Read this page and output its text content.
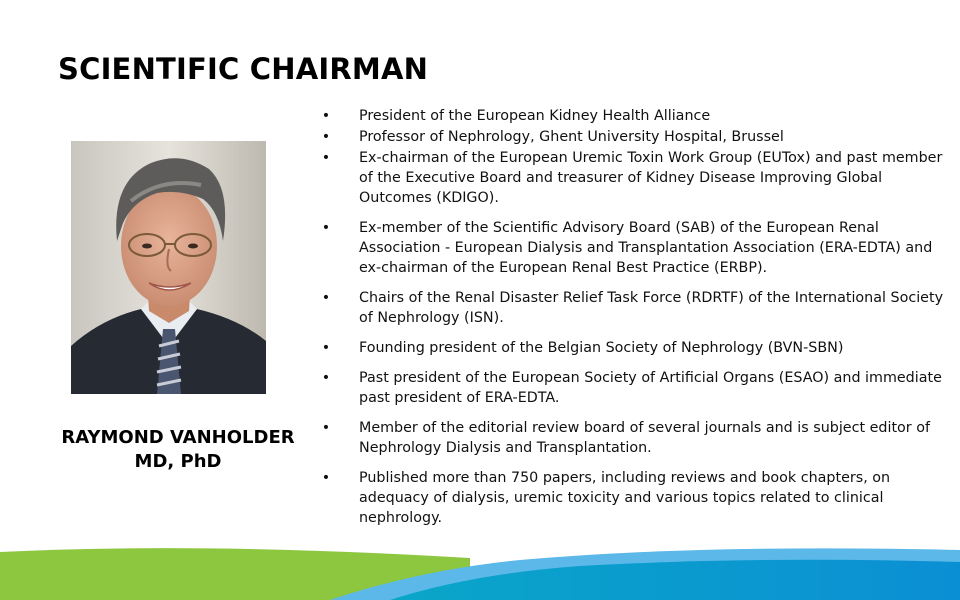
SCIENTIFIC CHAIRMAN
RAYMOND VANHOLDER
MD, PhD
• President of the European Kidney Health Alliance
• Professor of Nephrology, Ghent University Hospital, Brussel
• Ex-chairman of the European Uremic Toxin Work Group (EUTox) and past member of the Executive Board and treasurer of Kidney Disease Improving Global Outcomes (KDIGO).
• Ex-member of the Scientific Advisory Board (SAB) of the European Renal Association - European Dialysis and Transplantation Association (ERA-EDTA) and ex-chairman of the European Renal Best Practice (ERBP).
• Chairs of the Renal Disaster Relief Task Force (RDRTF) of the International Society of Nephrology (ISN).
• Founding president of the Belgian Society of Nephrology (BVN-SBN)
• Past president of the European Society of Artificial Organs (ESAO) and immediate past president of ERA-EDTA.
• Member of the editorial review board of several journals and is subject editor of Nephrology Dialysis and Transplantation.
• Published more than 750 papers, including reviews and book chapters, on adequacy of dialysis, uremic toxicity and various topics related to clinical nephrology.
